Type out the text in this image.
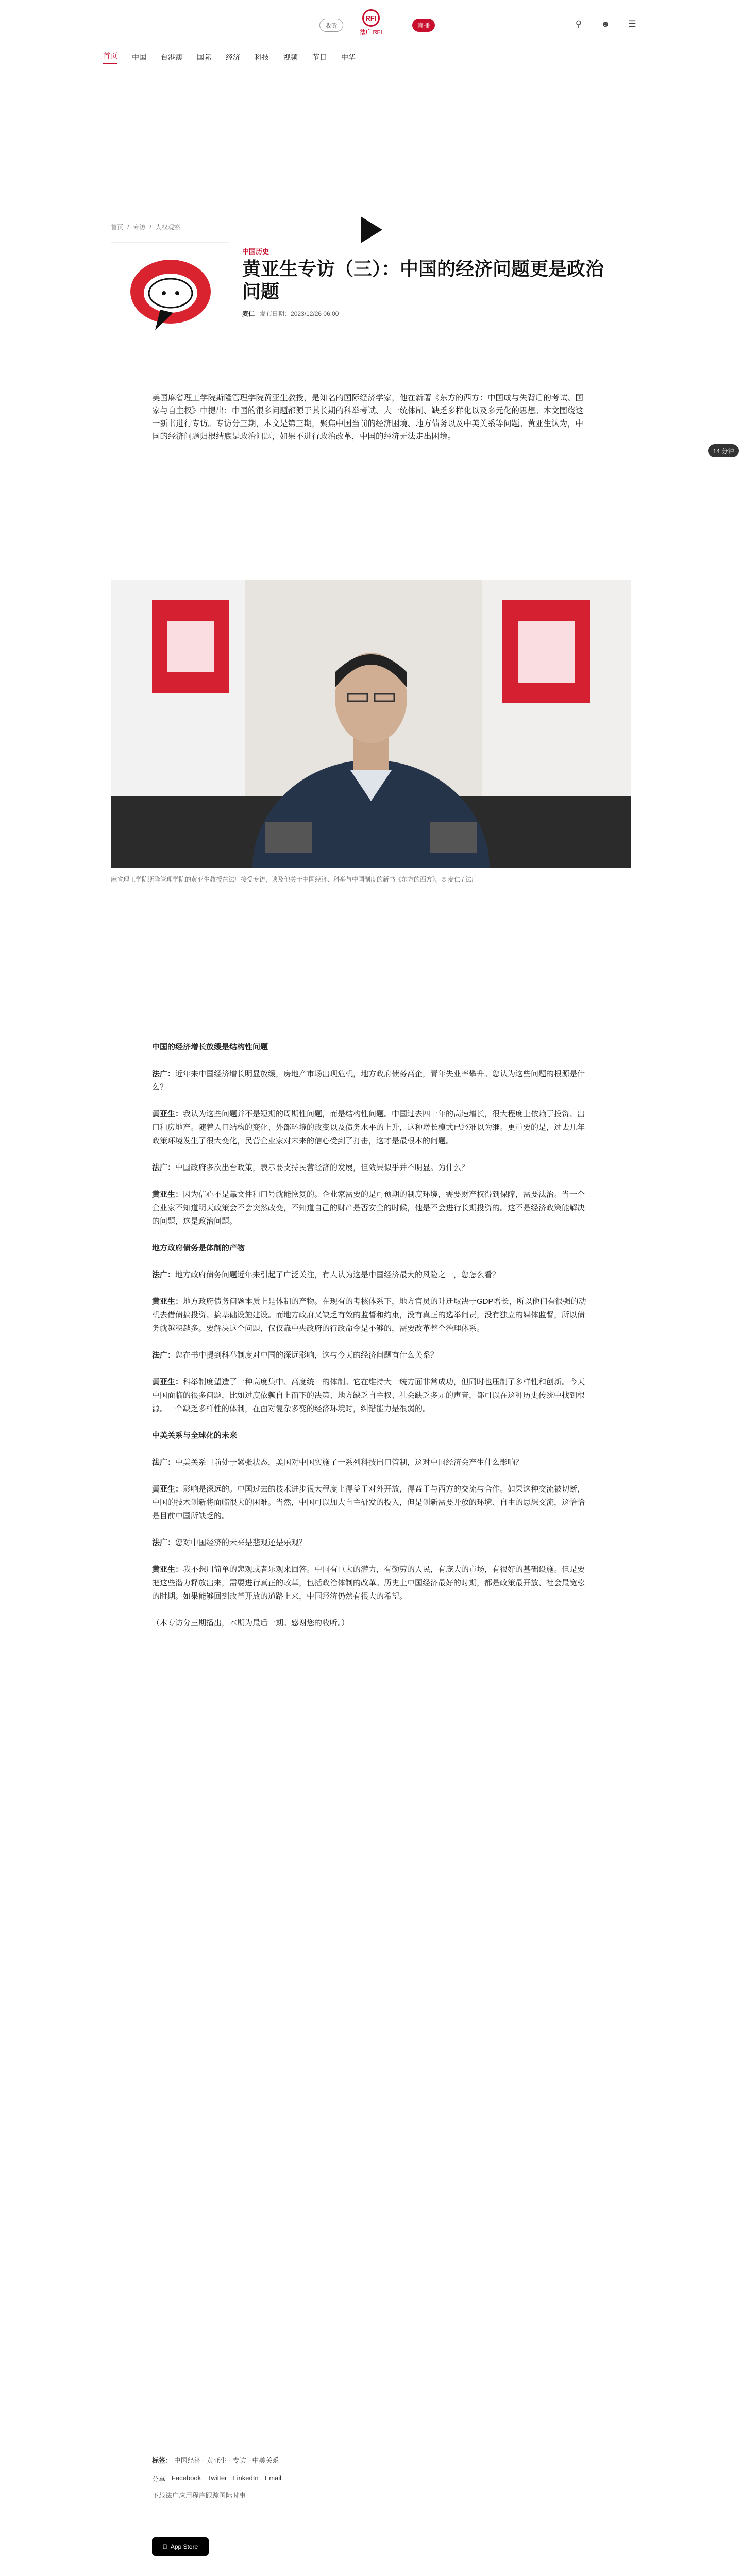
收听
RFI
法广 RFI
直播	⚲	☻	☰
首页 中国 台港澳 国际 经济 科技 视频 节目 中华
首页 / 专访 / 人权观察
中国历史
黄亚生专访（三）：中国的经济问题更是政治问题
麦仁 发布日期：2023/12/26 06:00
14 分钟

美国麻省理工学院斯隆管理学院黄亚生教授，是知名的国际经济学家，他在新著《东方的西方：中国成与失背后的考试、国家与自主权》中提出：中国的很多问题都源于其长期的科举考试、大一统体制、缺乏多样化以及多元化的思想。本文围绕这一新书进行专访。专访分三期，本文是第三期，聚焦中国当前的经济困境、地方债务以及中美关系等问题。黄亚生认为，中国的经济问题归根结底是政治问题，如果不进行政治改革，中国的经济无法走出困境。

麻省理工学院斯隆管理学院的黄亚生教授在法广接受专访，谈及他关于中国经济、科举与中国制度的新书《东方的西方》。© 麦仁 / 法广
中国的经济增长放缓是结构性问题

法广：近年来中国经济增长明显放缓，房地产市场出现危机，地方政府债务高企，青年失业率攀升。您认为这些问题的根源是什么？

黄亚生：我认为这些问题并不是短期的周期性问题，而是结构性问题。中国过去四十年的高速增长，很大程度上依赖于投资、出口和房地产。随着人口结构的变化、外部环境的改变以及债务水平的上升，这种增长模式已经难以为继。更重要的是，过去几年政策环境发生了很大变化，民营企业家对未来的信心受到了打击，这才是最根本的问题。

法广：中国政府多次出台政策，表示要支持民营经济的发展，但效果似乎并不明显。为什么？

黄亚生：因为信心不是靠文件和口号就能恢复的。企业家需要的是可预期的制度环境，需要财产权得到保障，需要法治。当一个企业家不知道明天政策会不会突然改变，不知道自己的财产是否安全的时候，他是不会进行长期投资的。这不是经济政策能解决的问题，这是政治问题。

地方政府债务是体制的产物

法广：地方政府债务问题近年来引起了广泛关注，有人认为这是中国经济最大的风险之一，您怎么看？

黄亚生：地方政府债务问题本质上是体制的产物。在现有的考核体系下，地方官员的升迁取决于GDP增长，所以他们有很强的动机去借债搞投资、搞基础设施建设。而地方政府又缺乏有效的监督和约束，没有真正的选举问责，没有独立的媒体监督，所以债务就越积越多。要解决这个问题，仅仅靠中央政府的行政命令是不够的，需要改革整个治理体系。

法广：您在书中提到科举制度对中国的深远影响，这与今天的经济问题有什么关系？

黄亚生：科举制度塑造了一种高度集中、高度统一的体制。它在维持大一统方面非常成功，但同时也压制了多样性和创新。今天中国面临的很多问题，比如过度依赖自上而下的决策、地方缺乏自主权、社会缺乏多元的声音，都可以在这种历史传统中找到根源。一个缺乏多样性的体制，在面对复杂多变的经济环境时，纠错能力是很弱的。

中美关系与全球化的未来

法广：中美关系目前处于紧张状态，美国对中国实施了一系列科技出口管制，这对中国经济会产生什么影响？

黄亚生：影响是深远的。中国过去的技术进步很大程度上得益于对外开放，得益于与西方的交流与合作。如果这种交流被切断，中国的技术创新将面临很大的困难。当然，中国可以加大自主研发的投入，但是创新需要开放的环境、自由的思想交流，这恰恰是目前中国所缺乏的。

法广：您对中国经济的未来是悲观还是乐观？

黄亚生：我不想用简单的悲观或者乐观来回答。中国有巨大的潜力，有勤劳的人民，有庞大的市场，有很好的基础设施。但是要把这些潜力释放出来，需要进行真正的改革，包括政治体制的改革。历史上中国经济最好的时期，都是政策最开放、社会最宽松的时期。如果能够回到改革开放的道路上来，中国经济仍然有很大的希望。

（本专访分三期播出，本期为最后一期。感谢您的收听。）

标签： 中国经济 · 黄亚生 · 专访 · 中美关系
分享 Facebook Twitter LinkedIn Email
下载法广应用程序跟踪国际时事
App Store
